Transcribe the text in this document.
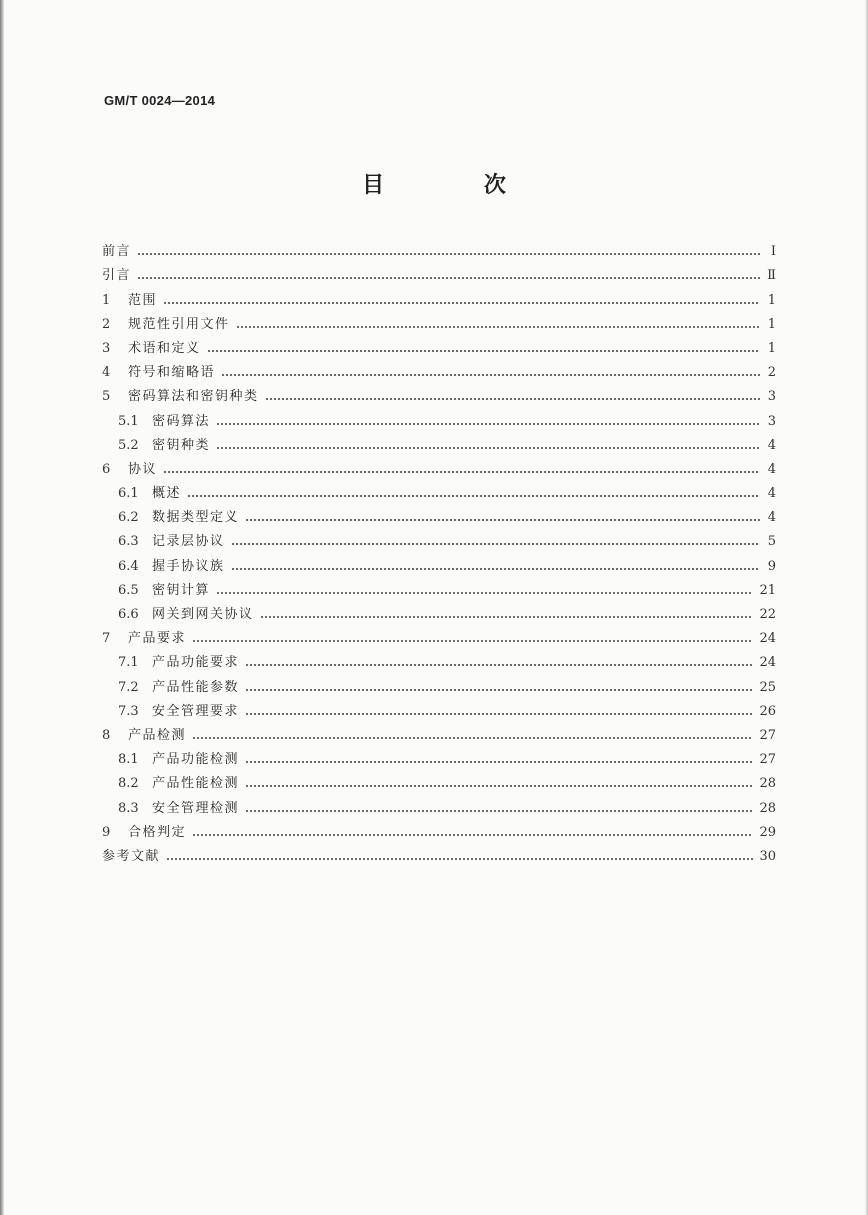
GM/T 0024—2014
目 次
前言	Ⅰ
引言	Ⅱ
1	范围	1
2	规范性引用文件	1
3	术语和定义	1
4	符号和缩略语	2
5	密码算法和密钥种类	3
5.1	密码算法	3
5.2	密钥种类	4
6	协议	4
6.1	概述	4
6.2	数据类型定义	4
6.3	记录层协议	5
6.4	握手协议族	9
6.5	密钥计算	21
6.6	网关到网关协议	22
7	产品要求	24
7.1	产品功能要求	24
7.2	产品性能参数	25
7.3	安全管理要求	26
8	产品检测	27
8.1	产品功能检测	27
8.2	产品性能检测	28
8.3	安全管理检测	28
9	合格判定	29
参考文献	30
